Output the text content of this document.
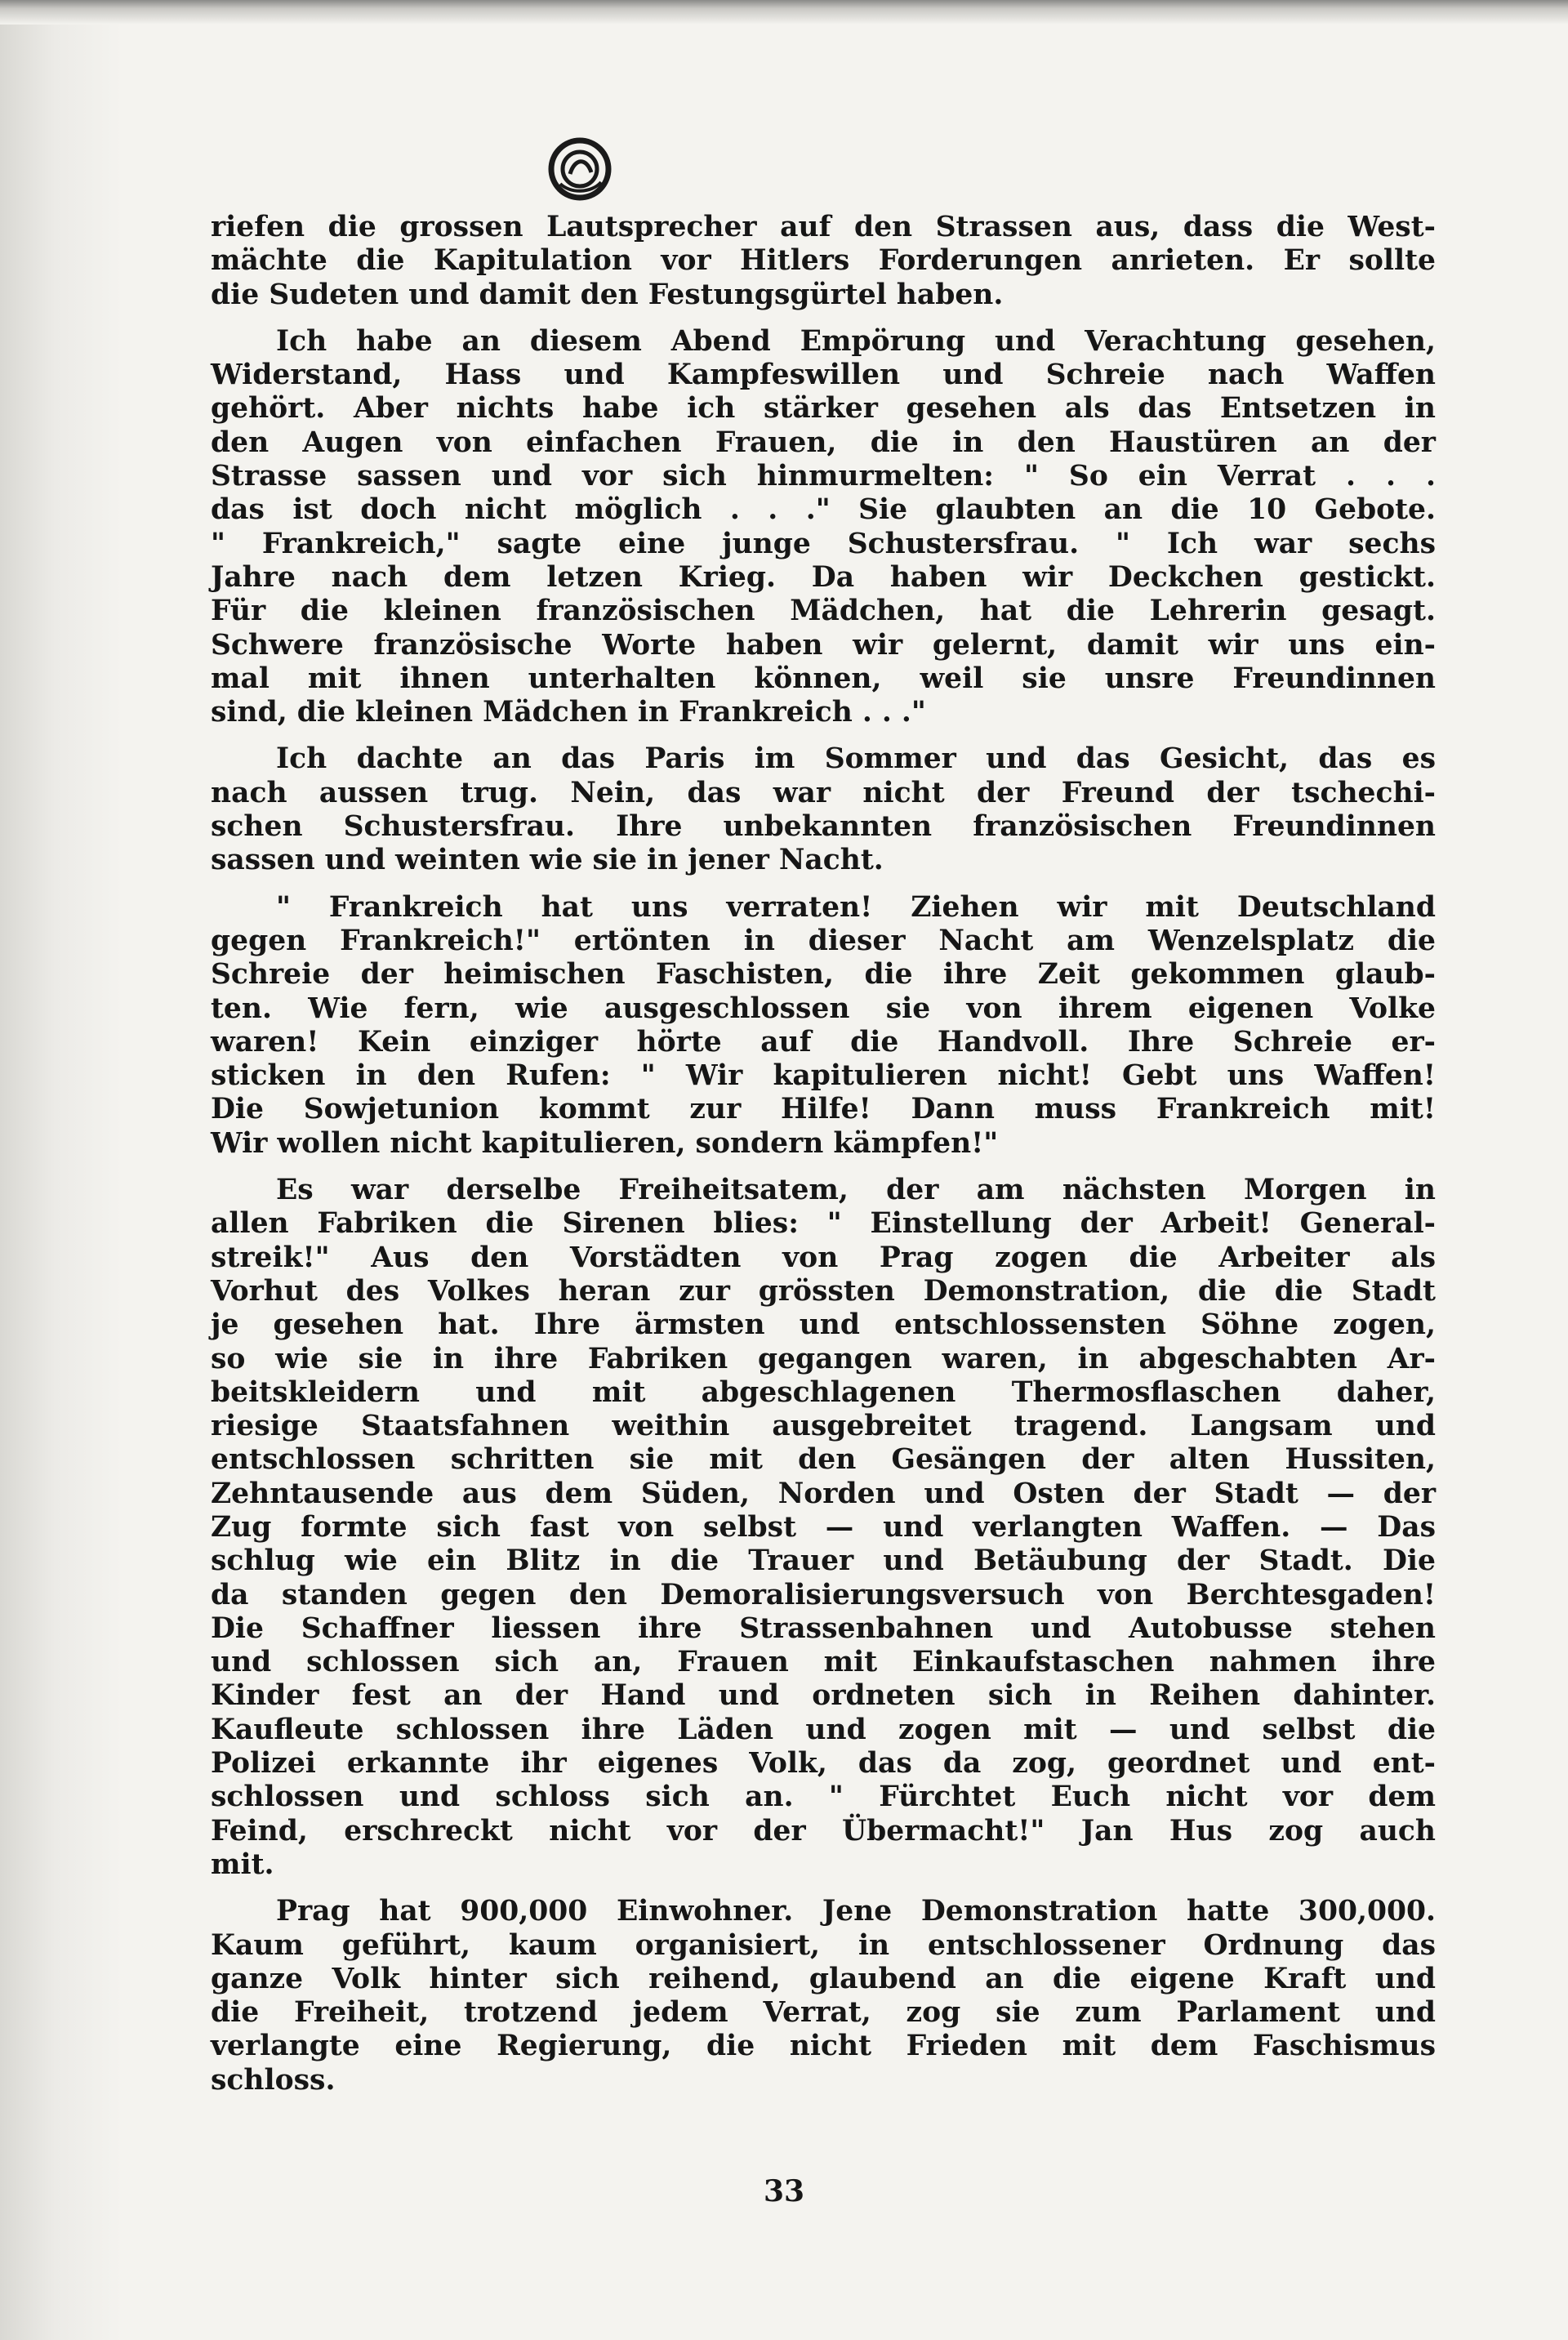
riefen die grossen Lautsprecher auf den Strassen aus, dass die West-
mächte die Kapitulation vor Hitlers Forderungen anrieten. Er sollte
die Sudeten und damit den Festungsgürtel haben.

Ich habe an diesem Abend Empörung und Verachtung gesehen,
Widerstand, Hass und Kampfeswillen und Schreie nach Waffen
gehört. Aber nichts habe ich stärker gesehen als das Entsetzen in
den Augen von einfachen Frauen, die in den Haustüren an der
Strasse sassen und vor sich hinmurmelten: " So ein Verrat . . .
das ist doch nicht möglich . . ." Sie glaubten an die 10 Gebote.
" Frankreich," sagte eine junge Schustersfrau. " Ich war sechs
Jahre nach dem letzen Krieg. Da haben wir Deckchen gestickt.
Für die kleinen französischen Mädchen, hat die Lehrerin gesagt.
Schwere französische Worte haben wir gelernt, damit wir uns ein-
mal mit ihnen unterhalten können, weil sie unsre Freundinnen
sind, die kleinen Mädchen in Frankreich . . ."

Ich dachte an das Paris im Sommer und das Gesicht, das es
nach aussen trug. Nein, das war nicht der Freund der tschechi-
schen Schustersfrau. Ihre unbekannten französischen Freundinnen
sassen und weinten wie sie in jener Nacht.

" Frankreich hat uns verraten! Ziehen wir mit Deutschland
gegen Frankreich!" ertönten in dieser Nacht am Wenzelsplatz die
Schreie der heimischen Faschisten, die ihre Zeit gekommen glaub-
ten. Wie fern, wie ausgeschlossen sie von ihrem eigenen Volke
waren! Kein einziger hörte auf die Handvoll. Ihre Schreie er-
sticken in den Rufen: " Wir kapitulieren nicht! Gebt uns Waffen!
Die Sowjetunion kommt zur Hilfe! Dann muss Frankreich mit!
Wir wollen nicht kapitulieren, sondern kämpfen!"

Es war derselbe Freiheitsatem, der am nächsten Morgen in
allen Fabriken die Sirenen blies: " Einstellung der Arbeit! General-
streik!" Aus den Vorstädten von Prag zogen die Arbeiter als
Vorhut des Volkes heran zur grössten Demonstration, die die Stadt
je gesehen hat. Ihre ärmsten und entschlossensten Söhne zogen,
so wie sie in ihre Fabriken gegangen waren, in abgeschabten Ar-
beitskleidern und mit abgeschlagenen Thermosflaschen daher,
riesige Staatsfahnen weithin ausgebreitet tragend. Langsam und
entschlossen schritten sie mit den Gesängen der alten Hussiten,
Zehntausende aus dem Süden, Norden und Osten der Stadt — der
Zug formte sich fast von selbst — und verlangten Waffen. — Das
schlug wie ein Blitz in die Trauer und Betäubung der Stadt. Die
da standen gegen den Demoralisierungsversuch von Berchtesgaden!
Die Schaffner liessen ihre Strassenbahnen und Autobusse stehen
und schlossen sich an, Frauen mit Einkaufstaschen nahmen ihre
Kinder fest an der Hand und ordneten sich in Reihen dahinter.
Kaufleute schlossen ihre Läden und zogen mit — und selbst die
Polizei erkannte ihr eigenes Volk, das da zog, geordnet und ent-
schlossen und schloss sich an. " Fürchtet Euch nicht vor dem
Feind, erschreckt nicht vor der Übermacht!" Jan Hus zog auch
mit.

Prag hat 900,000 Einwohner. Jene Demonstration hatte 300,000.
Kaum geführt, kaum organisiert, in entschlossener Ordnung das
ganze Volk hinter sich reihend, glaubend an die eigene Kraft und
die Freiheit, trotzend jedem Verrat, zog sie zum Parlament und
verlangte eine Regierung, die nicht Frieden mit dem Faschismus
schloss.

33
